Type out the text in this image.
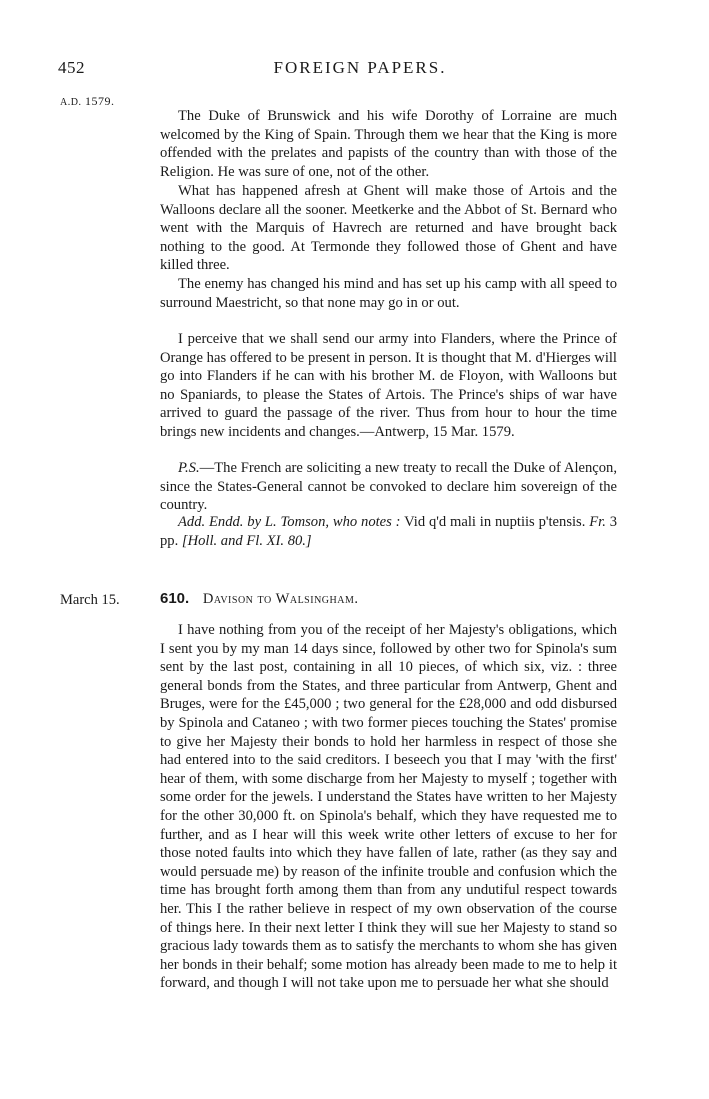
452	FOREIGN PAPERS.
A.D. 1579.

The Duke of Brunswick and his wife Dorothy of Lorraine are much welcomed by the King of Spain. Through them we hear that the King is more offended with the prelates and papists of the country than with those of the Religion. He was sure of one, not of the other.

What has happened afresh at Ghent will make those of Artois and the Walloons declare all the sooner. Meetkerke and the Abbot of St. Bernard who went with the Marquis of Havrech are returned and have brought back nothing to the good. At Termonde they followed those of Ghent and have killed three.

The enemy has changed his mind and has set up his camp with all speed to surround Maestricht, so that none may go in or out.

I perceive that we shall send our army into Flanders, where the Prince of Orange has offered to be present in person. It is thought that M. d'Hierges will go into Flanders if he can with his brother M. de Floyon, with Walloons but no Spaniards, to please the States of Artois. The Prince's ships of war have arrived to guard the passage of the river. Thus from hour to hour the time brings new incidents and changes.—Antwerp, 15 Mar. 1579.

P.S.—The French are soliciting a new treaty to recall the Duke of Alençon, since the States-General cannot be convoked to declare him sovereign of the country.

Add. Endd. by L. Tomson, who notes : Vid q'd mali in nuptiis p'tensis. Fr. 3 pp. [Holl. and Fl. XI. 80.]

March 15.	610. Davison to Walsingham.

I have nothing from you of the receipt of her Majesty's obligations, which I sent you by my man 14 days since, followed by other two for Spinola's sum sent by the last post, containing in all 10 pieces, of which six, viz. : three general bonds from the States, and three particular from Antwerp, Ghent and Bruges, were for the £45,000 ; two general for the £28,000 and odd disbursed by Spinola and Cataneo ; with two former pieces touching the States' promise to give her Majesty their bonds to hold her harmless in respect of those she had entered into to the said creditors. I beseech you that I may 'with the first' hear of them, with some discharge from her Majesty to myself ; together with some order for the jewels. I understand the States have written to her Majesty for the other 30,000 ft. on Spinola's behalf, which they have requested me to further, and as I hear will this week write other letters of excuse to her for those noted faults into which they have fallen of late, rather (as they say and would persuade me) by reason of the infinite trouble and confusion which the time has brought forth among them than from any undutiful respect towards her. This I the rather believe in respect of my own observation of the course of things here. In their next letter I think they will sue her Majesty to stand so gracious lady towards them as to satisfy the merchants to whom she has given her bonds in their behalf; some motion has already been made to me to help it forward, and though I will not take upon me to persuade her what she should
